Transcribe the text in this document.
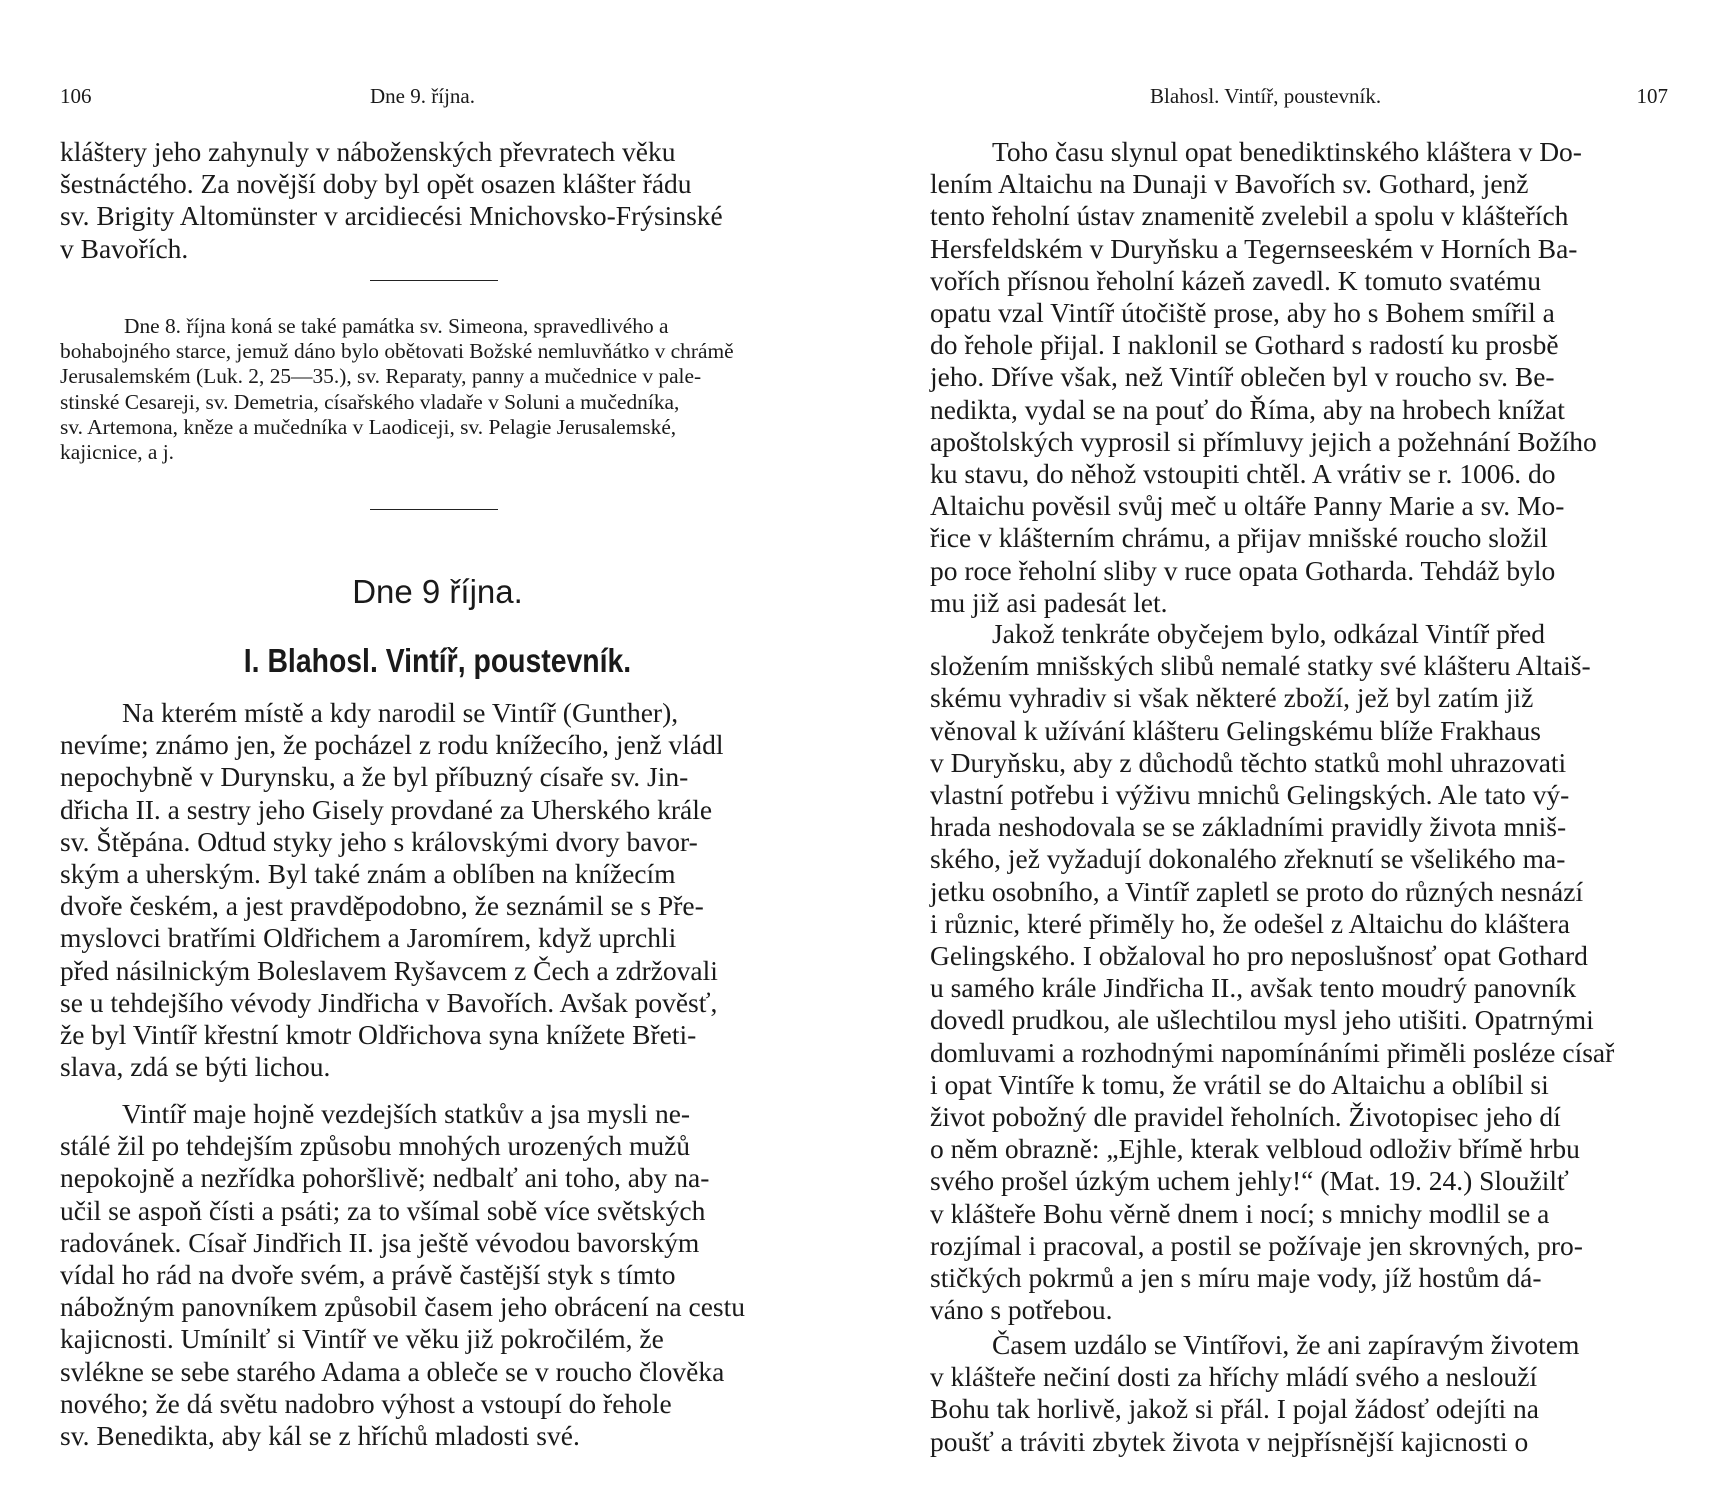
106	Dne 9. října.
kláštery jeho zahynuly v náboženských převratech věku
šestnáctého. Za novější doby byl opět osazen klášter řádu
sv. Brigity Altomünster v arcidiecési Mnichovsko-Frýsinské
v Bavořích.
Dne 8. října koná se také památka sv. Simeona, spravedlivého a
bohabojného starce, jemuž dáno bylo obětovati Božské nemluvňátko v chrámě
Jerusalemském (Luk. 2, 25—35.), sv. Reparaty, panny a mučednice v pale-
stinské Cesareji, sv. Demetria, císařského vladaře v Soluni a mučedníka,
sv. Artemona, kněze a mučedníka v Laodiceji, sv. Pelagie Jerusalemské,
kajicnice, a j.
Dne 9 října.
I. Blahosl. Vintíř, poustevník.
Na kterém místě a kdy narodil se Vintíř (Gunther),
nevíme; známo jen, že pocházel z rodu knížecího, jenž vládl
nepochybně v Durynsku, a že byl příbuzný císaře sv. Jin-
dřicha II. a sestry jeho Gisely provdané za Uherského krále
sv. Štěpána. Odtud styky jeho s královskými dvory bavor-
ským a uherským. Byl také znám a oblíben na knížecím
dvoře českém, a jest pravděpodobno, že seznámil se s Pře-
myslovci bratřími Oldřichem a Jaromírem, když uprchli
před násilnickým Boleslavem Ryšavcem z Čech a zdržovali
se u tehdejšího vévody Jindřicha v Bavořích. Avšak pověsť,
že byl Vintíř křestní kmotr Oldřichova syna knížete Břeti-
slava, zdá se býti lichou.
Vintíř maje hojně vezdejších statkův a jsa mysli ne-
stálé žil po tehdejším způsobu mnohých urozených mužů
nepokojně a nezřídka pohoršlivě; nedbalť ani toho, aby na-
učil se aspoň čísti a psáti; za to všímal sobě více světských
radovánek. Císař Jindřich II. jsa ještě vévodou bavorským
vídal ho rád na dvoře svém, a právě častější styk s tímto
nábožným panovníkem způsobil časem jeho obrácení na cestu
kajicnosti. Umínilť si Vintíř ve věku již pokročilém, že
svlékne se sebe starého Adama a obleče se v roucho člověka
nového; že dá světu nadobro výhost a vstoupí do řehole
sv. Benedikta, aby kál se z hříchů mladosti své.
Blahosl. Vintíř, poustevník.	107
Toho času slynul opat benediktinského kláštera v Do-
lením Altaichu na Dunaji v Bavořích sv. Gothard, jenž
tento řeholní ústav znamenitě zvelebil a spolu v klášteřích
Hersfeldském v Duryňsku a Tegernseeském v Horních Ba-
vořích přísnou řeholní kázeň zavedl. K tomuto svatému
opatu vzal Vintíř útočiště prose, aby ho s Bohem smířil a
do řehole přijal. I naklonil se Gothard s radostí ku prosbě
jeho. Dříve však, než Vintíř oblečen byl v roucho sv. Be-
nedikta, vydal se na pouť do Říma, aby na hrobech knížat
apoštolských vyprosil si přímluvy jejich a požehnání Božího
ku stavu, do něhož vstoupiti chtěl. A vrátiv se r. 1006. do
Altaichu pověsil svůj meč u oltáře Panny Marie a sv. Mo-
řice v klášterním chrámu, a přijav mnišské roucho složil
po roce řeholní sliby v ruce opata Gotharda. Tehdáž bylo
mu již asi padesát let.
Jakož tenkráte obyčejem bylo, odkázal Vintíř před
složením mnišských slibů nemalé statky své klášteru Altaiš-
skému vyhradiv si však některé zboží, jež byl zatím již
věnoval k užívání klášteru Gelingskému blíže Frakhaus
v Duryňsku, aby z důchodů těchto statků mohl uhrazovati
vlastní potřebu i výživu mnichů Gelingských. Ale tato vý-
hrada neshodovala se se základními pravidly života mniš-
ského, jež vyžadují dokonalého zřeknutí se všelikého ma-
jetku osobního, a Vintíř zapletl se proto do různých nesnází
i různic, které přiměly ho, že odešel z Altaichu do kláštera
Gelingského. I obžaloval ho pro neposlušnosť opat Gothard
u samého krále Jindřicha II., avšak tento moudrý panovník
dovedl prudkou, ale ušlechtilou mysl jeho utišiti. Opatrnými
domluvami a rozhodnými napomínáními přiměli posléze císař
i opat Vintíře k tomu, že vrátil se do Altaichu a oblíbil si
život pobožný dle pravidel řeholních. Životopisec jeho dí
o něm obrazně: „Ejhle, kterak velbloud odloživ břímě hrbu
svého prošel úzkým uchem jehly!“ (Mat. 19. 24.) Sloužilť
v klášteře Bohu věrně dnem i nocí; s mnichy modlil se a
rozjímal i pracoval, a postil se požívaje jen skrovných, pro-
stičkých pokrmů a jen s míru maje vody, jíž hostům dá-
váno s potřebou.
Časem uzdálo se Vintířovi, že ani zapíravým životem
v klášteře nečiní dosti za hříchy mládí svého a neslouží
Bohu tak horlivě, jakož si přál. I pojal žádosť odejíti na
poušť a tráviti zbytek života v nejpřísnější kajicnosti o
